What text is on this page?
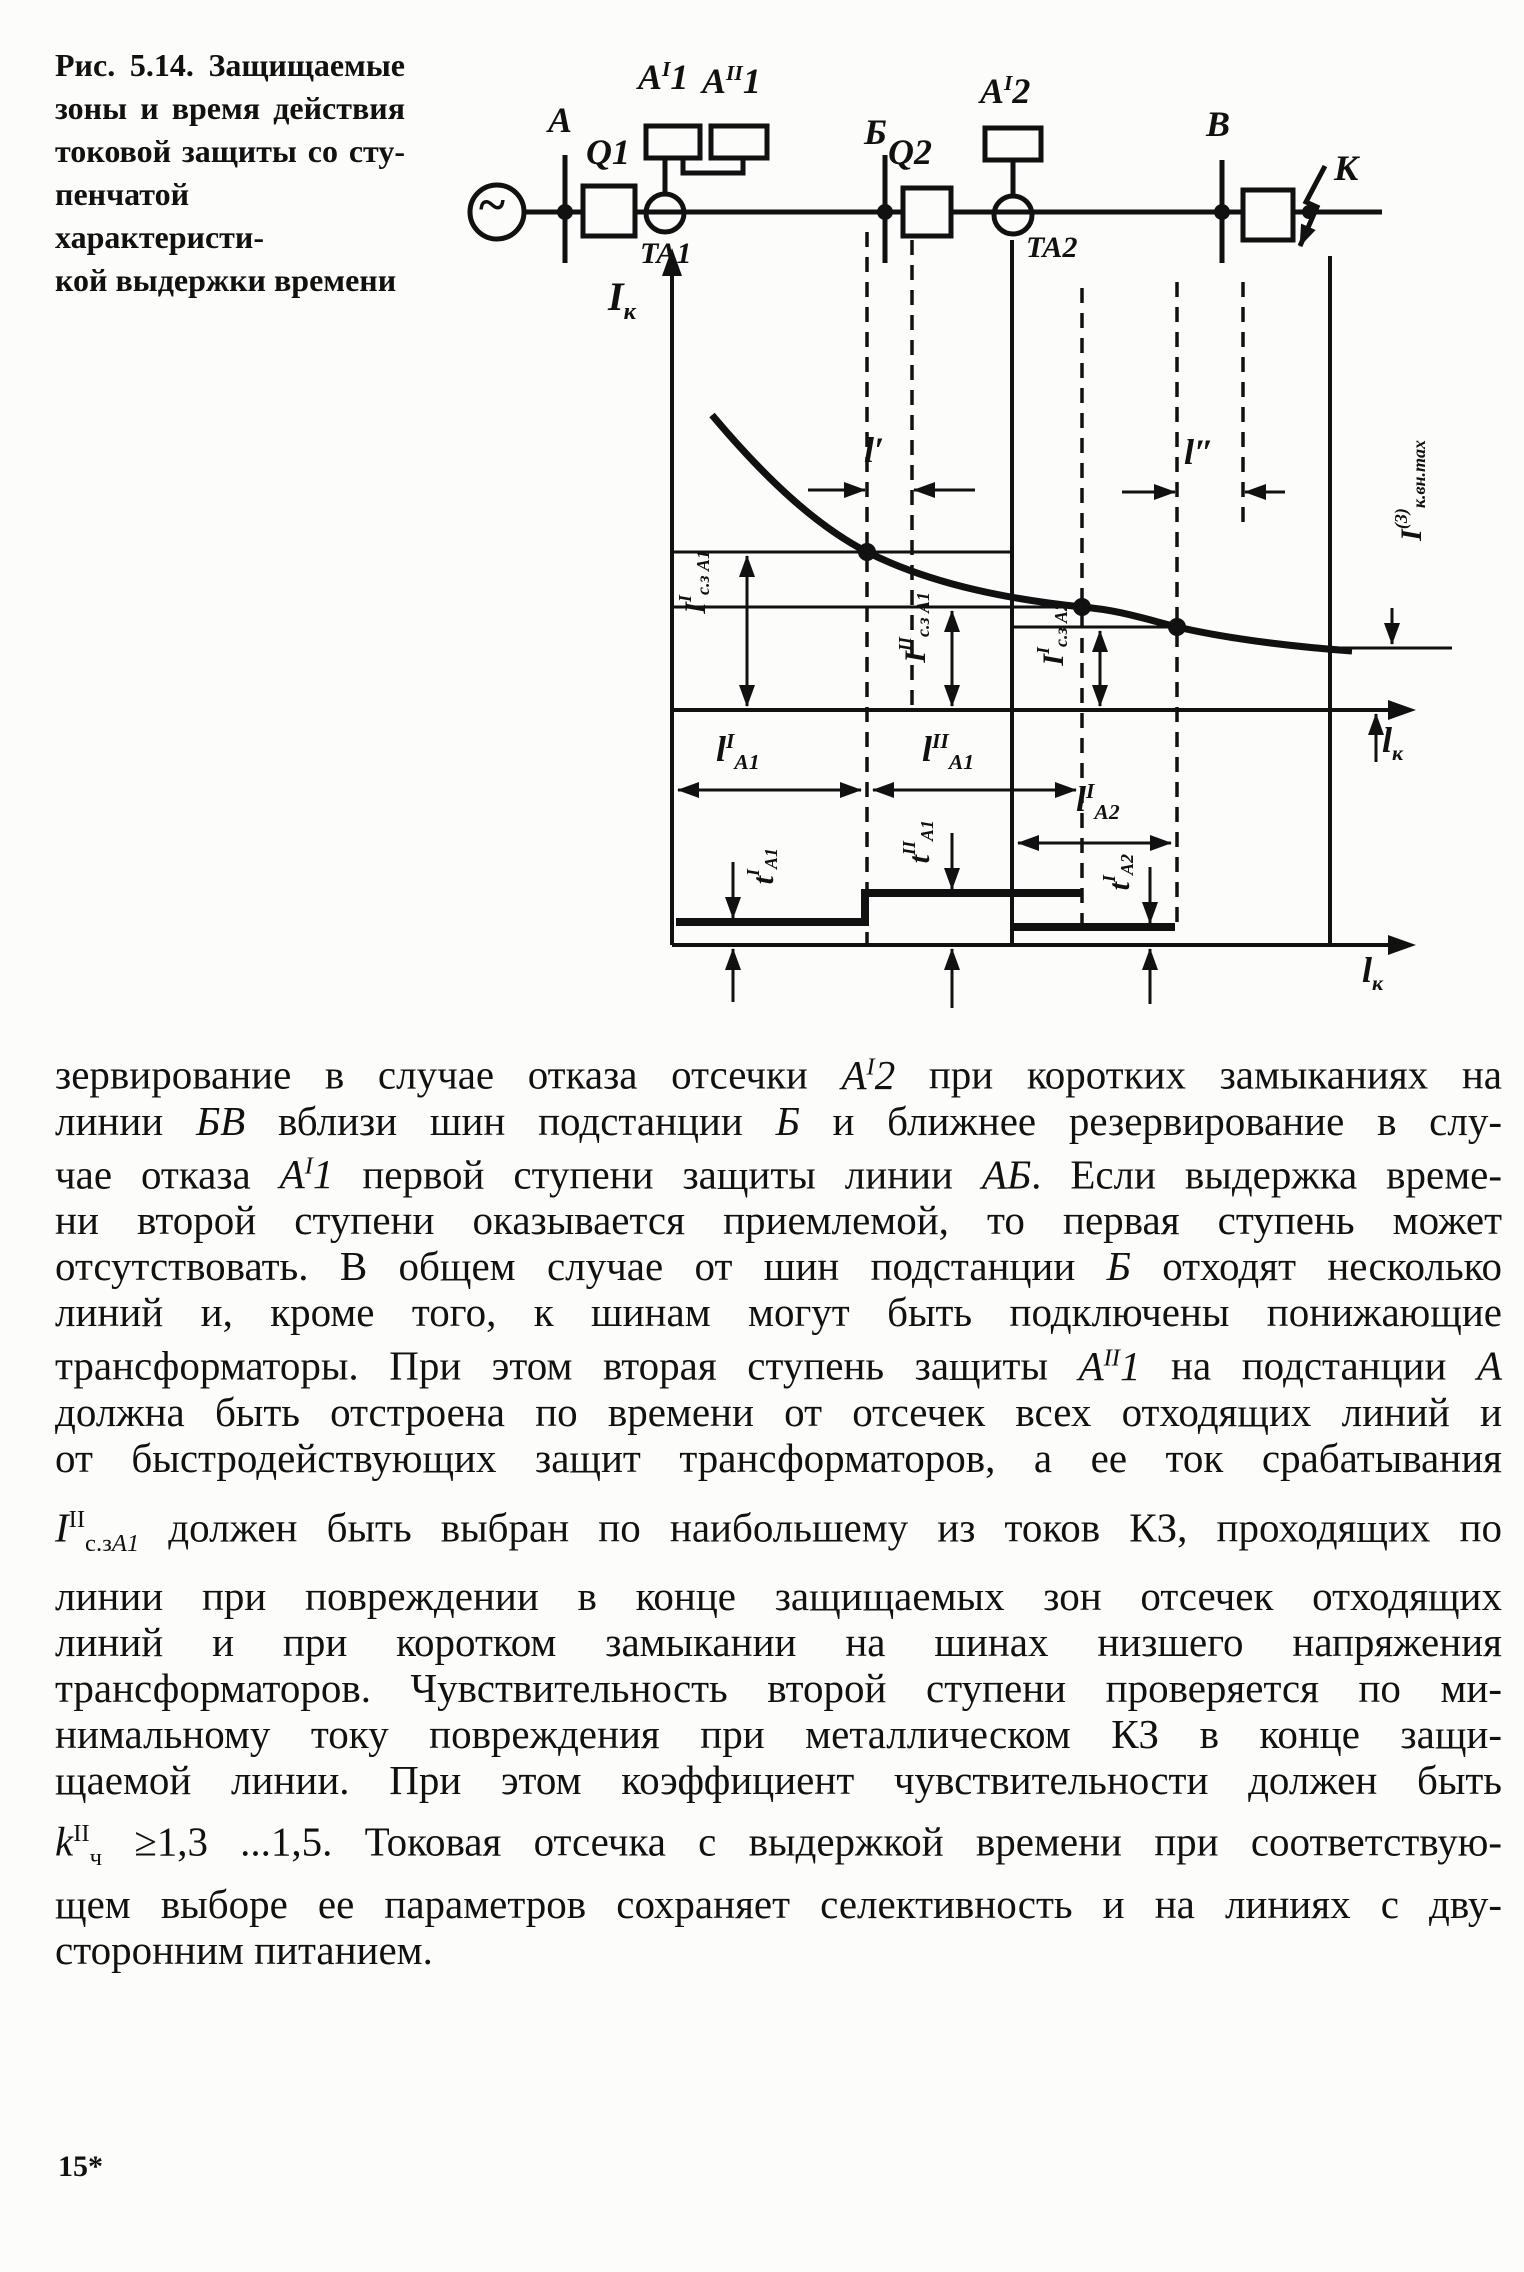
Рис. 5.14. Защищаемые
зоны и время действия
токовой защиты со сту-
пенчатой характеристи-
кой выдержки времени
~
А
Q1
$А^I1$ $А^{II}1$
Б Q2
$А^I2$
ТА1	ТА2
В
К
$I_к$
l′	l″
$l_к$
$l_к$
$I^I_{с.з А1}$
$I^{II}_{с.з А1}$
$I^I_{с.з А2}$
$I^{(3)}_{к.вн.max}$
$l^I_{А1}$	$l^{II}_{А1}$
$l^I_{А2}$
$t^I_{А1}$	$t^{II}_{А1}$
$t^I_{А2}$
зервирование в случае отказа отсечки $А^I2$ при коротких замыканиях на
линии БВ вблизи шин подстанции Б и ближнее резервирование в слу-
чае отказа $А^I1$ первой ступени защиты линии АБ. Если выдержка време-
ни второй ступени оказывается приемлемой, то первая ступень может
отсутствовать. В общем случае от шин подстанции Б отходят несколько
линий и, кроме того, к шинам могут быть подключены понижающие
трансформаторы. При этом вторая ступень защиты $А^{II}1$ на подстанции А
должна быть отстроена по времени от отсечек всех отходящих линий и
от быстродействующих защит трансформаторов, а ее ток срабатывания
$I^{II}_{с.зА1}$ должен быть выбран по наибольшему из токов КЗ, проходящих по
линии при повреждении в конце защищаемых зон отсечек отходящих
линий и при коротком замыкании на шинах низшего напряжения
трансформаторов. Чувствительность второй ступени проверяется по ми-
нимальному току повреждения при металлическом КЗ в конце защи-
щаемой линии. При этом коэффициент чувствительности должен быть
$k^{II}_ч \ge 1,3$ ...1,5. Токовая отсечка с выдержкой времени при соответствую-
щем выборе ее параметров сохраняет селективность и на линиях с дву-
сторонним питанием.
15*
